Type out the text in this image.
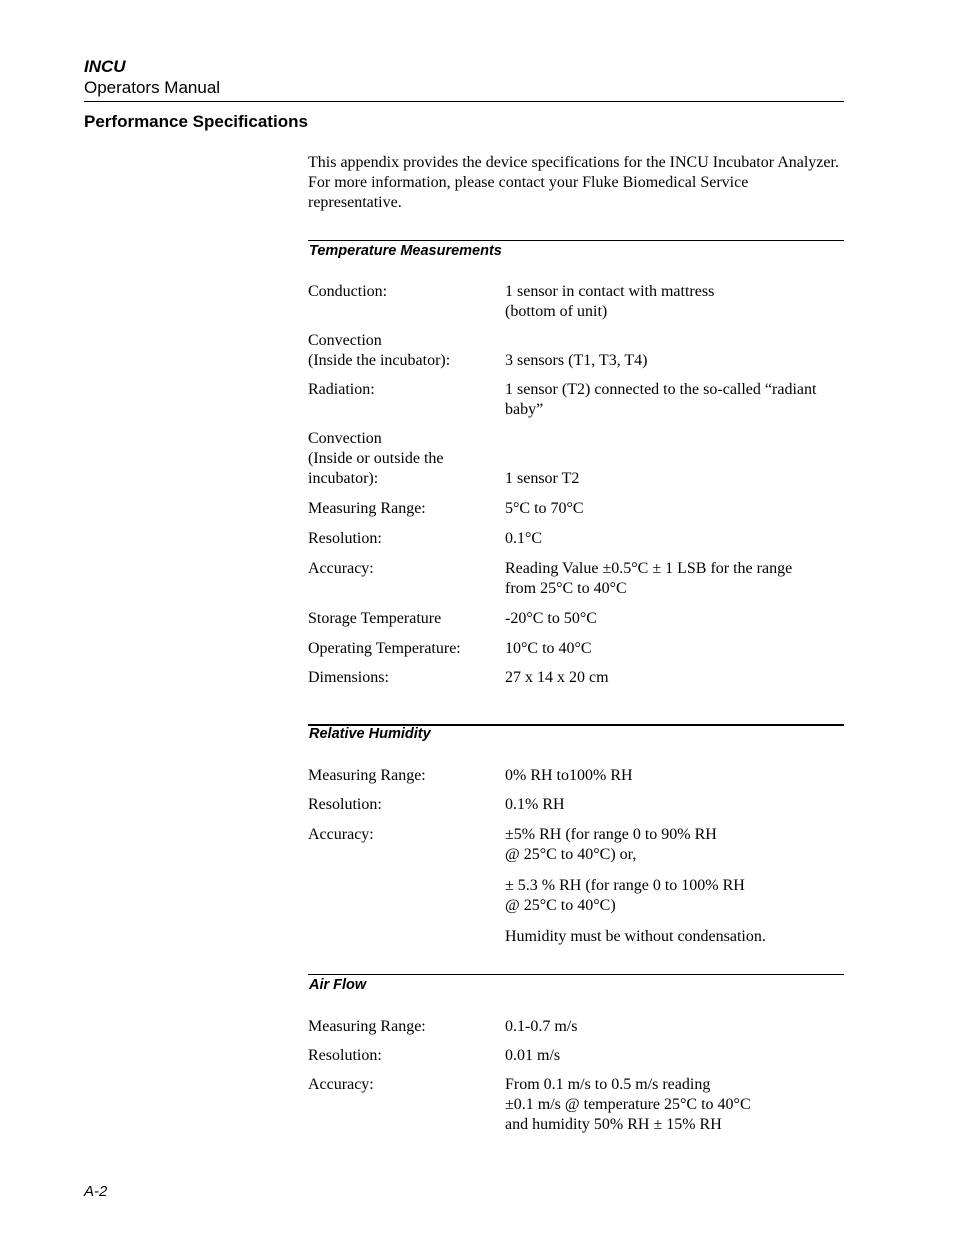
INCU
Operators Manual
Performance Specifications
This appendix provides the device specifications for the INCU Incubator Analyzer. For more information, please contact your Fluke Biomedical Service representative.
Temperature Measurements
Conduction:	1 sensor in contact with mattress
(bottom of unit)
Convection
(Inside the incubator):	3 sensors (T1, T3, T4)
Radiation:	1 sensor (T2) connected to the so-called “radiant baby”
Convection
(Inside or outside the
incubator):	1 sensor T2
Measuring Range:	5°C to 70°C
Resolution:	0.1°C
Accuracy:	Reading Value ±0.5°C ± 1 LSB for the range
from 25°C to 40°C
Storage Temperature	-20°C to 50°C
Operating Temperature:	10°C to 40°C
Dimensions:	27 x 14 x 20 cm
Relative Humidity
Measuring Range:	0% RH to100% RH
Resolution:	0.1% RH
Accuracy:	±5% RH (for range 0 to 90% RH
@ 25°C to 40°C) or,
± 5.3 % RH (for range 0 to 100% RH
@ 25°C to 40°C)
Humidity must be without condensation.
Air Flow
Measuring Range:	0.1-0.7 m/s
Resolution:	0.01 m/s
Accuracy:	From 0.1 m/s to 0.5 m/s reading
±0.1 m/s @ temperature 25°C to 40°C
and humidity 50% RH ± 15% RH
A-2
